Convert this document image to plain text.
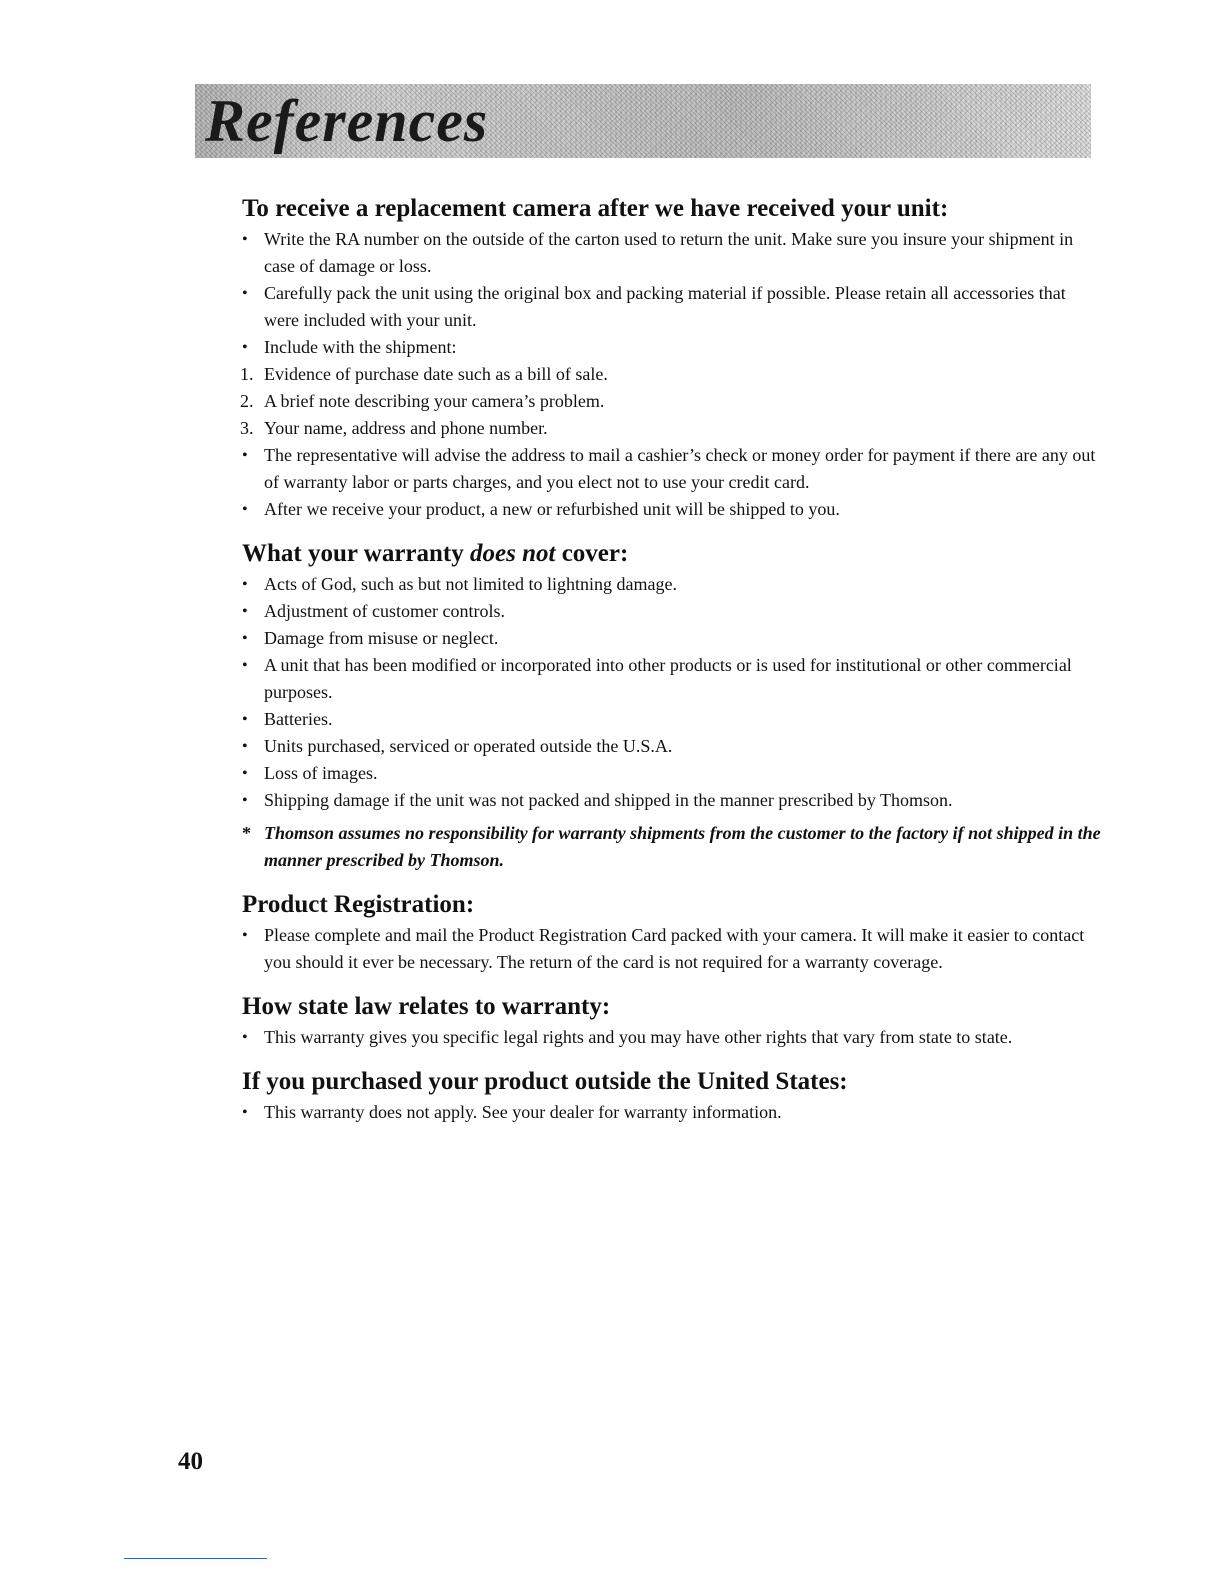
References
To receive a replacement camera after we have received your unit:
• Write the RA number on the outside of the carton used to return the unit. Make sure you insure your shipment in case of damage or loss.
• Carefully pack the unit using the original box and packing material if possible. Please retain all accessories that were included with your unit.
• Include with the shipment:
1. Evidence of purchase date such as a bill of sale.
2. A brief note describing your camera’s problem.
3. Your name, address and phone number.
• The representative will advise the address to mail a cashier’s check or money order for payment if there are any out of warranty labor or parts charges, and you elect not to use your credit card.
• After we receive your product, a new or refurbished unit will be shipped to you.
What your warranty does not cover:
• Acts of God, such as but not limited to lightning damage.
• Adjustment of customer controls.
• Damage from misuse or neglect.
• A unit that has been modified or incorporated into other products or is used for institutional or other commercial purposes.
• Batteries.
• Units purchased, serviced or operated outside the U.S.A.
• Loss of images.
• Shipping damage if the unit was not packed and shipped in the manner prescribed by Thomson.
* Thomson assumes no responsibility for warranty shipments from the customer to the factory if not shipped in the manner prescribed by Thomson.
Product Registration:
• Please complete and mail the Product Registration Card packed with your camera. It will make it easier to contact you should it ever be necessary. The return of the card is not required for a warranty coverage.
How state law relates to warranty:
• This warranty gives you specific legal rights and you may have other rights that vary from state to state.
If you purchased your product outside the United States:
• This warranty does not apply. See your dealer for warranty information.
40
